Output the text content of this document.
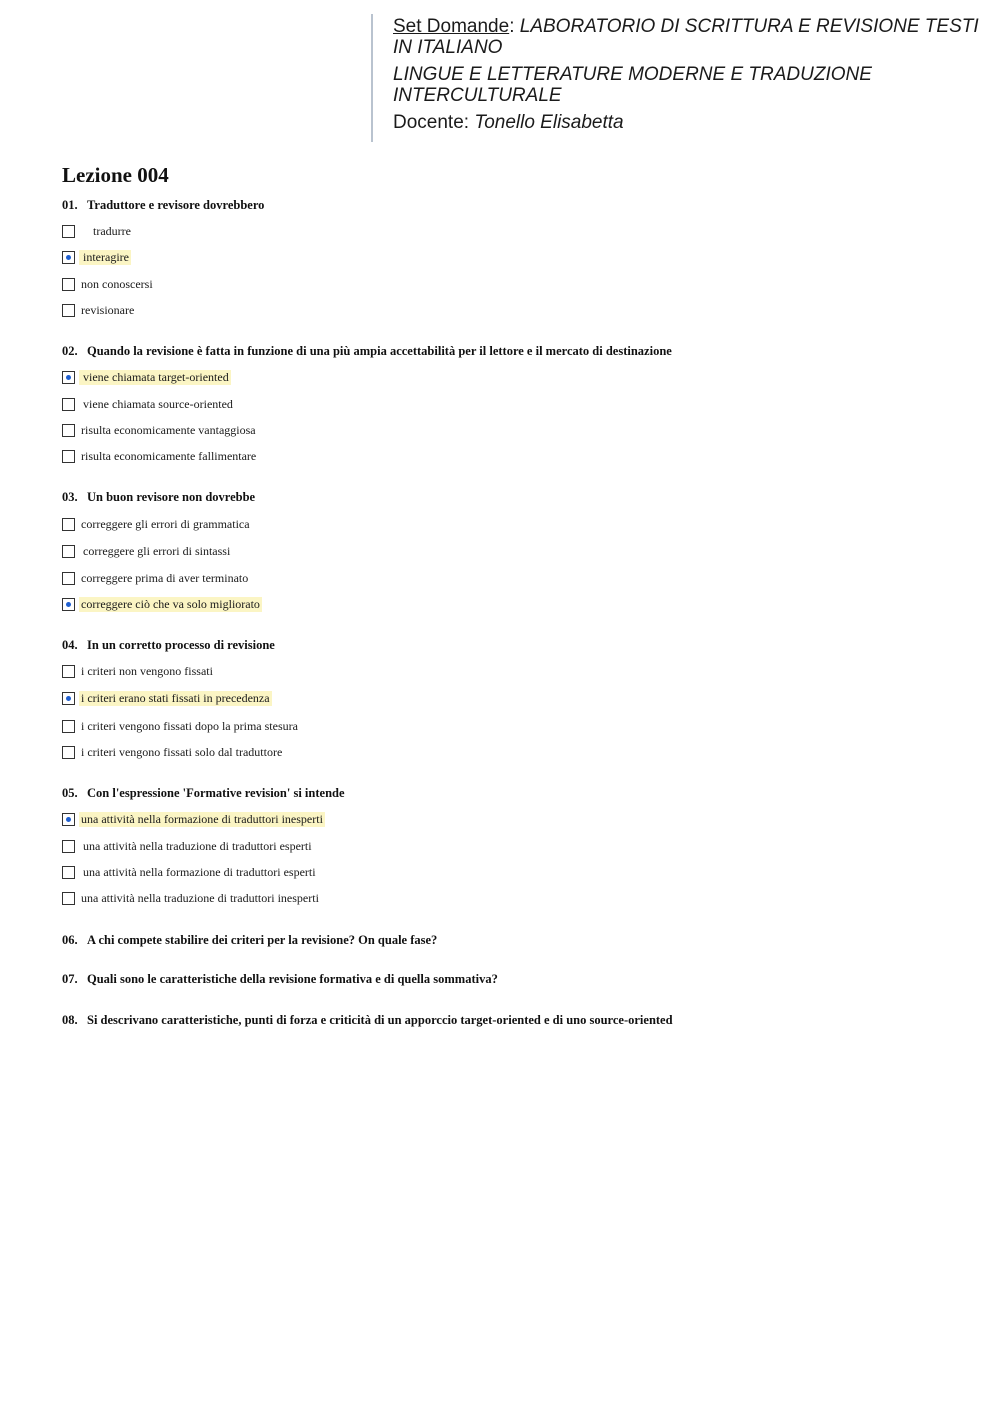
Set Domande: LABORATORIO DI SCRITTURA E REVISIONE TESTI IN ITALIANO
LINGUE E LETTERATURE MODERNE E TRADUZIONE INTERCULTURALE
Docente: Tonello Elisabetta
Lezione 004
01. Traduttore e revisore dovrebbero
tradurre
interagire
non conoscersi
revisionare
02. Quando la revisione è fatta in funzione di una più ampia accettabilità per il lettore e il mercato di destinazione
viene chiamata target-oriented
viene chiamata source-oriented
risulta economicamente vantaggiosa
risulta economicamente fallimentare
03. Un buon revisore non dovrebbe
correggere gli errori di grammatica
correggere gli errori di sintassi
correggere prima di aver terminato
correggere ciò che va solo migliorato
04. In un corretto processo di revisione
i criteri non vengono fissati
i criteri erano stati fissati in precedenza
i criteri vengono fissati dopo la prima stesura
i criteri vengono fissati solo dal traduttore
05. Con l'espressione 'Formative revision' si intende
una attività nella formazione di traduttori inesperti
una attività nella traduzione di traduttori esperti
una attività nella formazione di traduttori esperti
una attività nella traduzione di traduttori inesperti
06. A chi compete stabilire dei criteri per la revisione? On quale fase?
07. Quali sono le caratteristiche della revisione formativa e di quella sommativa?
08. Si descrivano caratteristiche, punti di forza e criticità di un apporccio target-oriented e di uno source-oriented
